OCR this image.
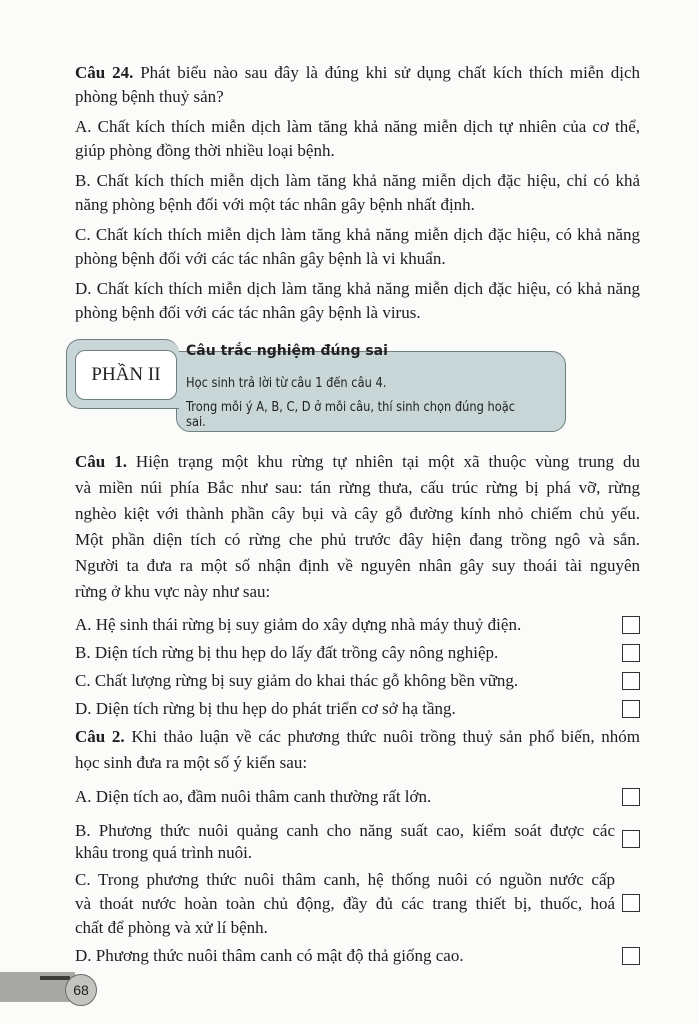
Câu 24. Phát biểu nào sau đây là đúng khi sử dụng chất kích thích miễn dịch
phòng bệnh thuỷ sản?
A. Chất kích thích miễn dịch làm tăng khả năng miễn dịch tự nhiên của cơ thể,
giúp phòng đồng thời nhiều loại bệnh.
B. Chất kích thích miễn dịch làm tăng khả năng miễn dịch đặc hiệu, chỉ có khả
năng phòng bệnh đối với một tác nhân gây bệnh nhất định.
C. Chất kích thích miễn dịch làm tăng khả năng miễn dịch đặc hiệu, có khả năng
phòng bệnh đối với các tác nhân gây bệnh là vi khuẩn.
D. Chất kích thích miễn dịch làm tăng khả năng miễn dịch đặc hiệu, có khả năng
phòng bệnh đối với các tác nhân gây bệnh là virus.
PHẦN II
Câu trắc nghiệm đúng sai
Học sinh trả lời từ câu 1 đến câu 4.
Trong mỗi ý A, B, C, D ở mỗi câu, thí sinh chọn đúng hoặc sai.
Câu 1. Hiện trạng một khu rừng tự nhiên tại một xã thuộc vùng trung du
và miền núi phía Bắc như sau: tán rừng thưa, cấu trúc rừng bị phá vỡ, rừng
nghèo kiệt với thành phần cây bụi và cây gỗ đường kính nhỏ chiếm chủ yếu.
Một phần diện tích có rừng che phủ trước đây hiện đang trồng ngô và sắn.
Người ta đưa ra một số nhận định về nguyên nhân gây suy thoái tài nguyên
rừng ở khu vực này như sau:
A. Hệ sinh thái rừng bị suy giảm do xây dựng nhà máy thuỷ điện.
B. Diện tích rừng bị thu hẹp do lấy đất trồng cây nông nghiệp.
C. Chất lượng rừng bị suy giảm do khai thác gỗ không bền vững.
D. Diện tích rừng bị thu hẹp do phát triển cơ sở hạ tầng.
Câu 2. Khi thảo luận về các phương thức nuôi trồng thuỷ sản phổ biến, nhóm
học sinh đưa ra một số ý kiến sau:
A. Diện tích ao, đầm nuôi thâm canh thường rất lớn.
B. Phương thức nuôi quảng canh cho năng suất cao, kiểm soát được các
khâu trong quá trình nuôi.
C. Trong phương thức nuôi thâm canh, hệ thống nuôi có nguồn nước cấp
và thoát nước hoàn toàn chủ động, đầy đủ các trang thiết bị, thuốc, hoá
chất để phòng và xử lí bệnh.
D. Phương thức nuôi thâm canh có mật độ thả giống cao.
68
